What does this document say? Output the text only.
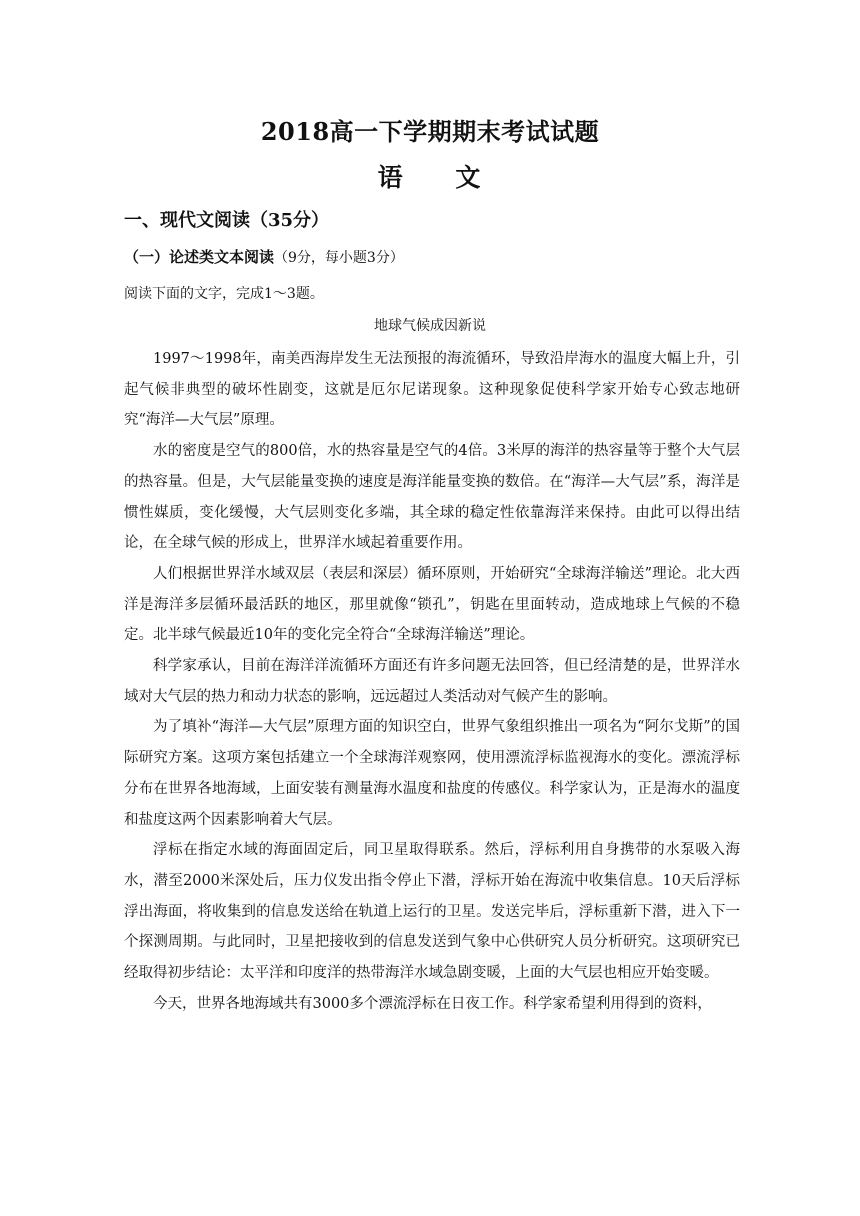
2018高一下学期期末考试试题
语 文
一、现代文阅读（35分）
（一）论述类文本阅读（9分，每小题3分）
阅读下面的文字，完成1～3题。
地球气候成因新说

1997～1998年，南美西海岸发生无法预报的海流循环，导致沿岸海水的温度大幅上升，引起气候非典型的破坏性剧变，这就是厄尔尼诺现象。这种现象促使科学家开始专心致志地研究“海洋—大气层”原理。

水的密度是空气的800倍，水的热容量是空气的4倍。3米厚的海洋的热容量等于整个大气层的热容量。但是，大气层能量变换的速度是海洋能量变换的数倍。在“海洋—大气层”系，海洋是惯性媒质，变化缓慢，大气层则变化多端，其全球的稳定性依靠海洋来保持。由此可以得出结论，在全球气候的形成上，世界洋水域起着重要作用。

人们根据世界洋水域双层（表层和深层）循环原则，开始研究“全球海洋输送”理论。北大西洋是海洋多层循环最活跃的地区，那里就像“锁孔”，钥匙在里面转动，造成地球上气候的不稳定。北半球气候最近10年的变化完全符合“全球海洋输送”理论。

科学家承认，目前在海洋洋流循环方面还有许多问题无法回答，但已经清楚的是，世界洋水域对大气层的热力和动力状态的影响，远远超过人类活动对气候产生的影响。

为了填补“海洋—大气层”原理方面的知识空白，世界气象组织推出一项名为“阿尔戈斯”的国际研究方案。这项方案包括建立一个全球海洋观察网，使用漂流浮标监视海水的变化。漂流浮标分布在世界各地海域，上面安装有测量海水温度和盐度的传感仪。科学家认为，正是海水的温度和盐度这两个因素影响着大气层。

浮标在指定水域的海面固定后，同卫星取得联系。然后，浮标利用自身携带的水泵吸入海水，潜至2000米深处后，压力仪发出指令停止下潜，浮标开始在海流中收集信息。10天后浮标浮出海面，将收集到的信息发送给在轨道上运行的卫星。发送完毕后，浮标重新下潜，进入下一个探测周期。与此同时，卫星把接收到的信息发送到气象中心供研究人员分析研究。这项研究已经取得初步结论：太平洋和印度洋的热带海洋水域急剧变暖，上面的大气层也相应开始变暖。

今天，世界各地海域共有3000多个漂流浮标在日夜工作。科学家希望利用得到的资料，
